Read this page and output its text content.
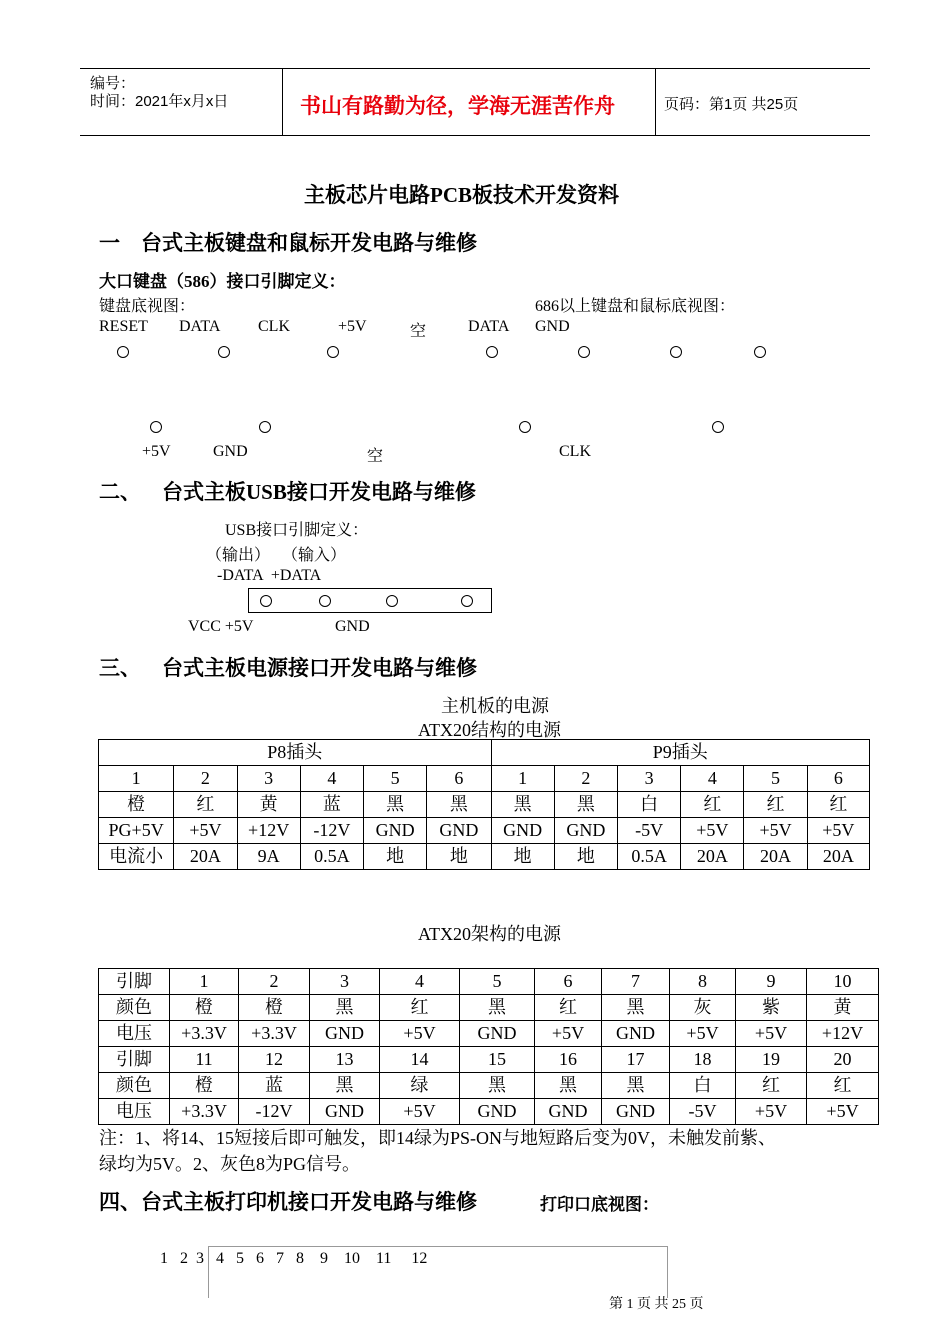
编号：
时间：2021年x月x日	书山有路勤为径，学海无涯苦作舟	页码：第1页 共25页
主板芯片电路PCB板技术开发资料
一    台式主板键盘和鼠标开发电路与维修
大口键盘（586）接口引脚定义：
键盘底视图：	686以上键盘和鼠标底视图：
RESET DATA CLK	+5V	空	DATA GND
+5V	GND	空	CLK
二、    台式主板USB接口开发电路与维修
USB接口引脚定义：
（输出）   （输入）
-DATA  +DATA
VCC +5V	GND
三、    台式主板电源接口开发电路与维修
主机板的电源
ATX20结构的电源
P8插头						P9插头					
1	2	3	4	5	6	1	2	3	4	5	6
橙	红	黄	蓝	黑	黑	黑	黑	白	红	红	红
PG+5V	+5V	+12V	-12V	GND	GND	GND	GND	-5V	+5V	+5V	+5V
电流小	20A	9A	0.5A	地	地	地	地	0.5A	20A	20A	20A
ATX20架构的电源
引脚	1	2	3	4	5	6	7	8	9	10
颜色	橙	橙	黑	红	黑	红	黑	灰	紫	黄
电压	+3.3V	+3.3V	GND	+5V	GND	+5V	GND	+5V	+5V	+12V
引脚	11	12	13	14	15	16	17	18	19	20
颜色	橙	蓝	黑	绿	黑	黑	黑	白	红	红
电压	+3.3V	-12V	GND	+5V	GND	GND	GND	-5V	+5V	+5V
注：1、将14、15短接后即可触发，即14绿为PS-ON与地短路后变为0V，未触发前紫、
绿均为5V。2、灰色8为PG信号。
四、台式主板打印机接口开发电路与维修	打印口底视图：
1   2  3   4   5   6   7   8    9    10    11     12
第 1 页 共 25 页
